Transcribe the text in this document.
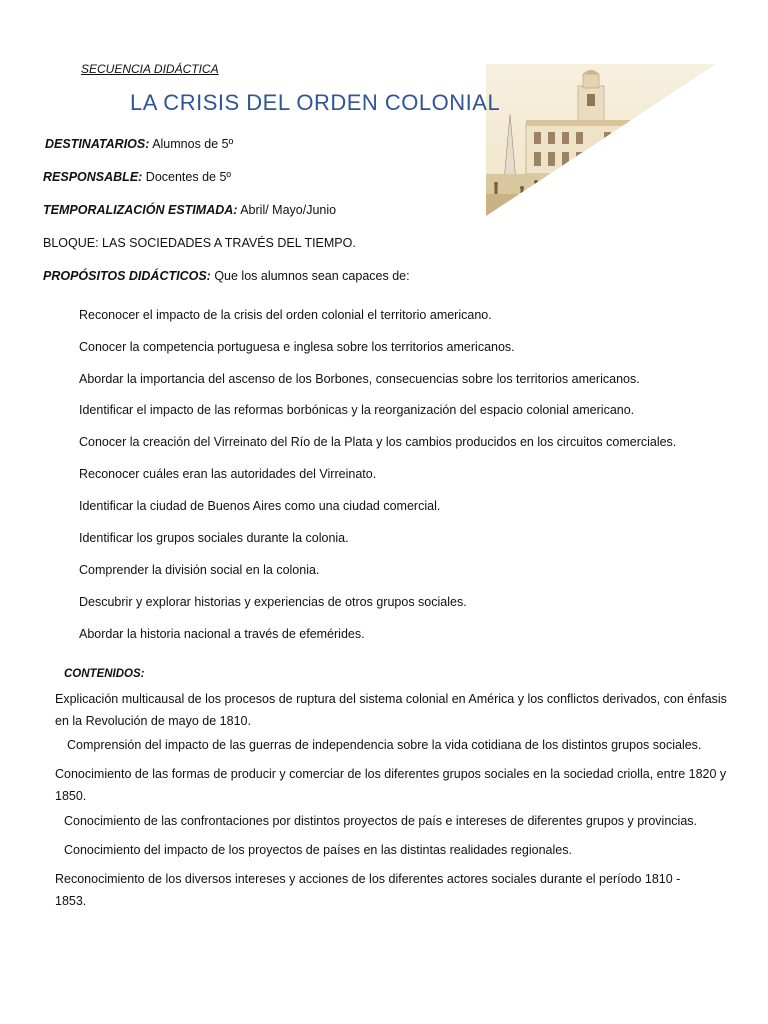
SECUENCIA DIDÁCTICA
LA CRISIS DEL ORDEN COLONIAL
DESTINATARIOS: Alumnos de 5º
RESPONSABLE: Docentes de 5º
TEMPORALIZACIÓN ESTIMADA: Abril/ Mayo/Junio
BLOQUE: LAS SOCIEDADES A TRAVÉS DEL TIEMPO.
PROPÓSITOS DIDÁCTICOS: Que los alumnos sean capaces de:
Reconocer el impacto de la crisis del orden colonial el territorio americano.
Conocer la competencia portuguesa e inglesa sobre los territorios americanos.
Abordar la importancia del ascenso de los Borbones, consecuencias sobre los territorios americanos.
Identificar el impacto de las reformas borbónicas y la reorganización del espacio colonial americano.
Conocer la creación del Virreinato del Río de la Plata y los cambios producidos en los circuitos comerciales.
Reconocer cuáles eran las autoridades del Virreinato.
Identificar la ciudad de Buenos Aires como una ciudad comercial.
Identificar los grupos sociales durante la colonia.
Comprender la división social en la colonia.
Descubrir y explorar historias y experiencias de otros grupos sociales.
Abordar la historia nacional a través de efemérides.
CONTENIDOS:
Explicación multicausal de los procesos de ruptura del sistema colonial en América y los conflictos derivados, con énfasis en la Revolución de mayo de 1810.
Comprensión del impacto de las guerras de independencia sobre la vida cotidiana de los distintos grupos sociales.
Conocimiento de las formas de producir y comerciar de los diferentes grupos sociales en la sociedad criolla, entre 1820 y 1850.
Conocimiento de las confrontaciones por distintos proyectos de país e intereses de diferentes grupos y provincias.
Conocimiento del impacto de los proyectos de países en las distintas realidades regionales.
Reconocimiento de los diversos intereses y acciones de los diferentes actores sociales durante el período 1810 - 1853.
